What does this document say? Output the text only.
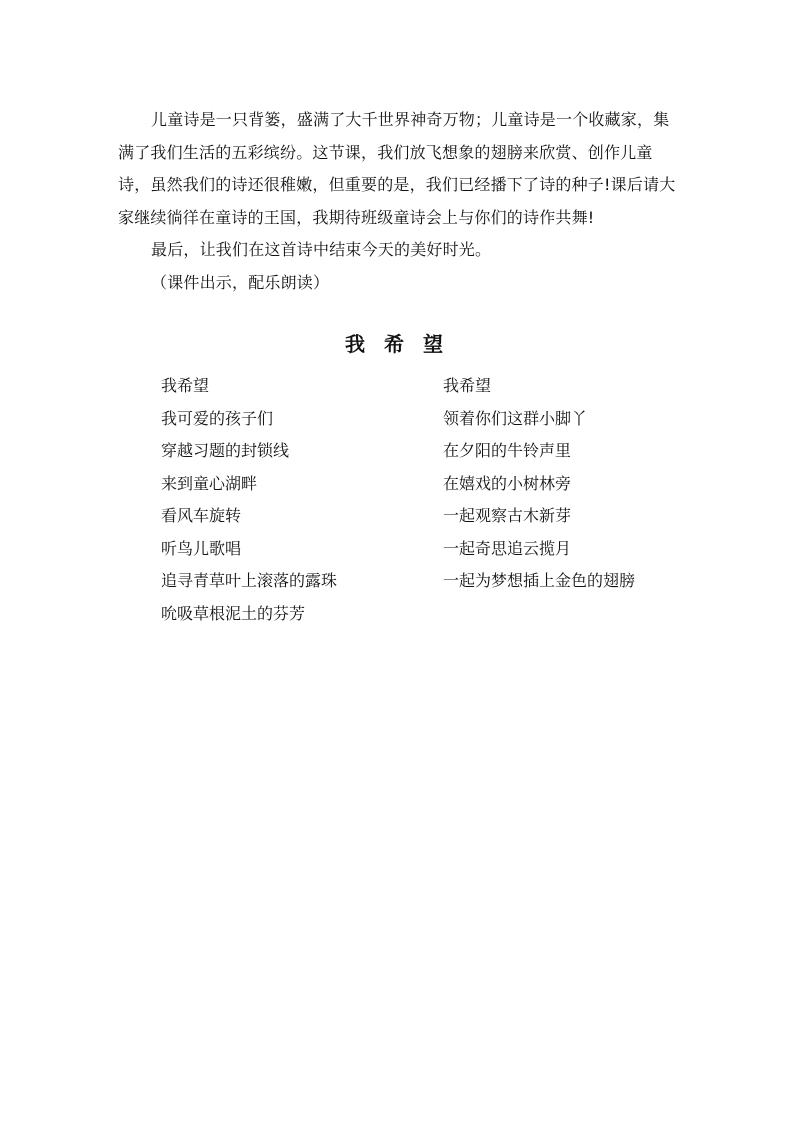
儿童诗是一只背篓，盛满了大千世界神奇万物；儿童诗是一个收藏家，集满了我们生活的五彩缤纷。这节课，我们放飞想象的翅膀来欣赏、创作儿童诗，虽然我们的诗还很稚嫩，但重要的是，我们已经播下了诗的种子!课后请大家继续徜徉在童诗的王国，我期待班级童诗会上与你们的诗作共舞!

最后，让我们在这首诗中结束今天的美好时光。

（课件出示，配乐朗读）

我 希 望
我希望
我可爱的孩子们
穿越习题的封锁线
来到童心湖畔
看风车旋转
听鸟儿歌唱
追寻青草叶上滚落的露珠
吮吸草根泥土的芬芳
我希望
领着你们这群小脚丫
在夕阳的牛铃声里
在嬉戏的小树林旁
一起观察古木新芽
一起奇思追云揽月
一起为梦想插上金色的翅膀
